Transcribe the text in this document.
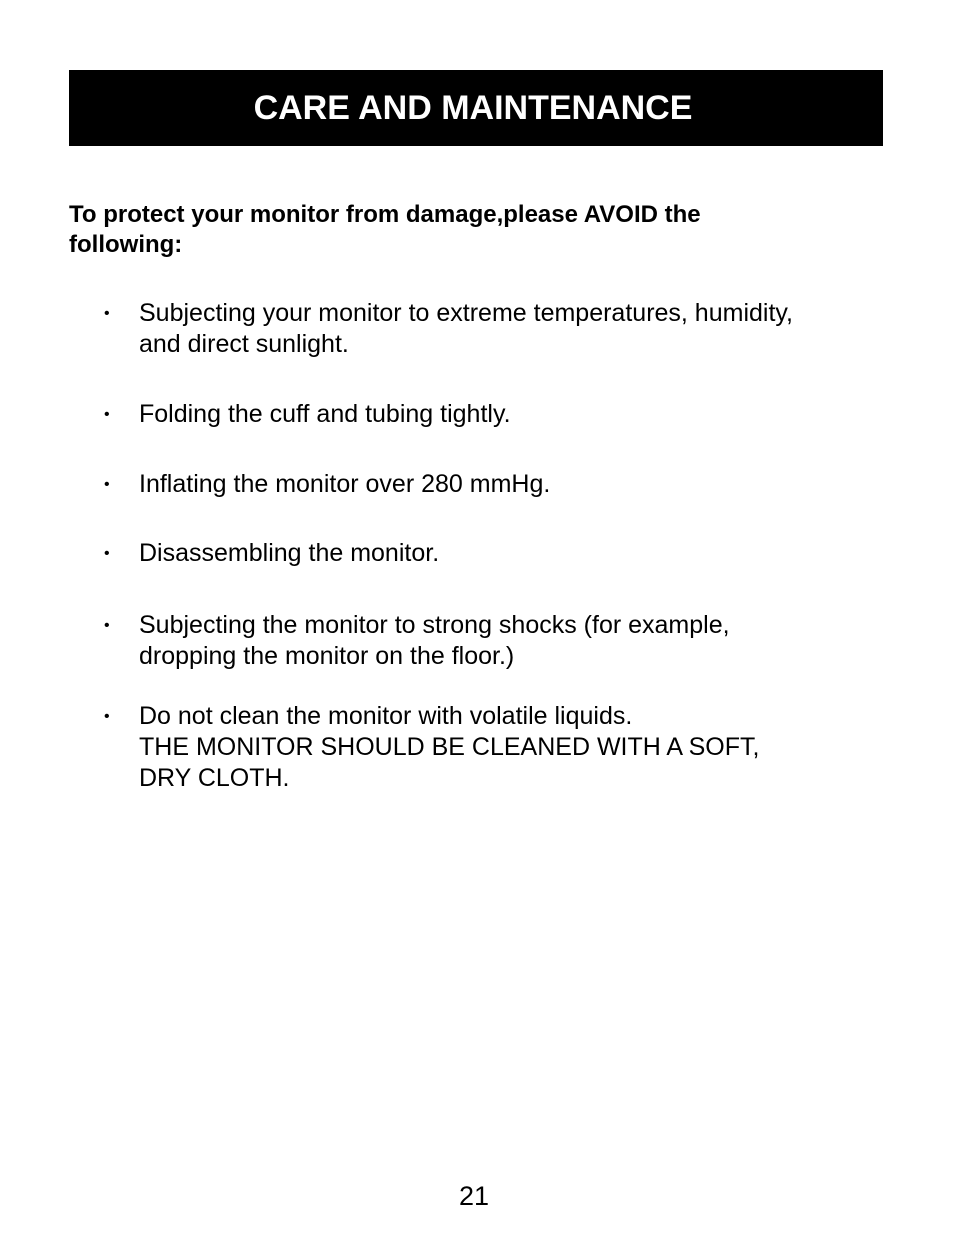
CARE AND MAINTENANCE
To protect your monitor from damage,please AVOID the
following:
•	Subjecting your monitor to extreme temperatures, humidity,
and direct sunlight.
•	Folding the cuff and tubing tightly.
•	Inflating the monitor over 280 mmHg.
•	Disassembling the monitor.
•	Subjecting the monitor to strong shocks (for example,
dropping the monitor on the floor.)
•	Do not clean the monitor with volatile liquids.
THE MONITOR SHOULD BE CLEANED WITH A SOFT,
DRY CLOTH.
21
